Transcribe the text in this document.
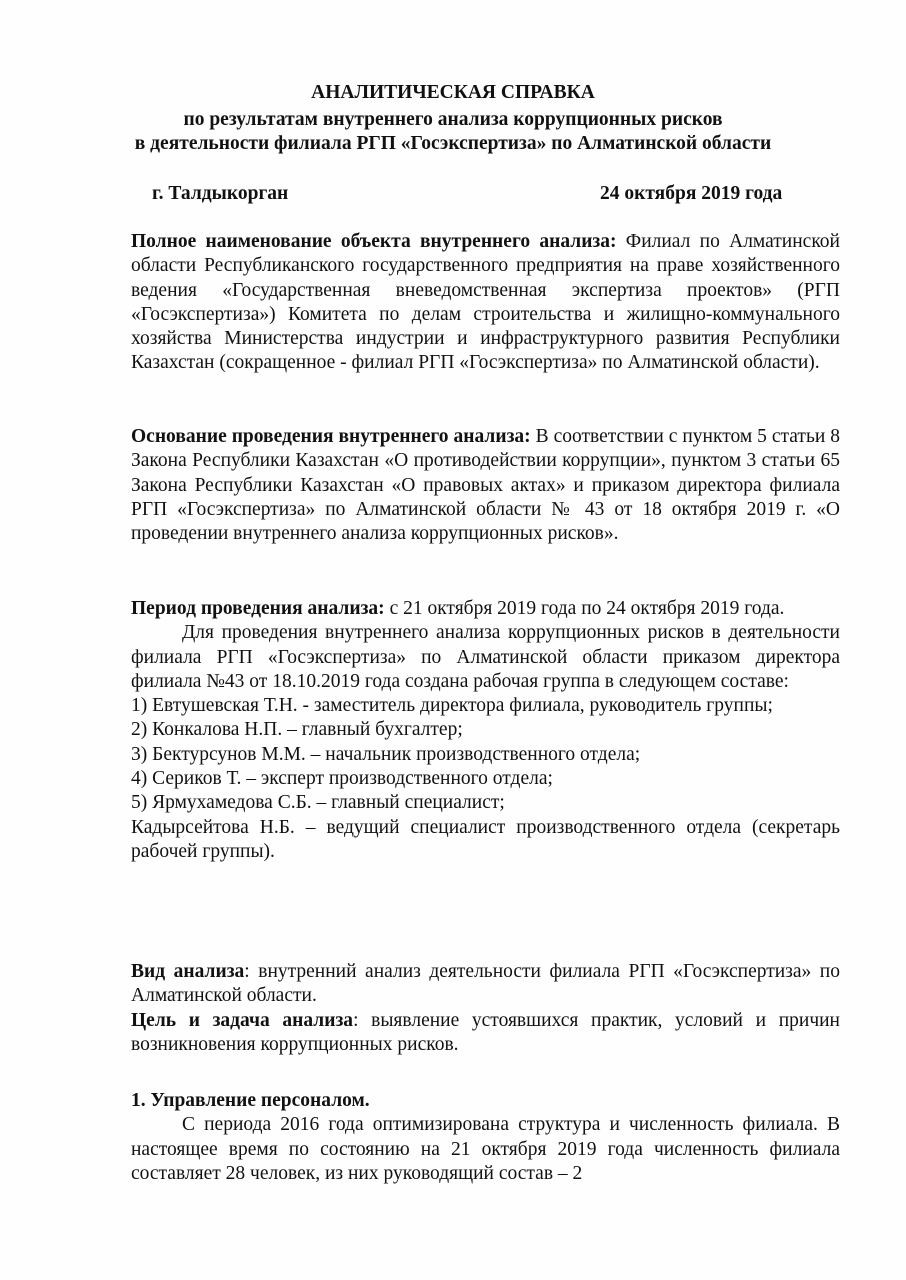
АНАЛИТИЧЕСКАЯ СПРАВКА
по результатам внутреннего анализа коррупционных рисков
в деятельности филиала РГП «Госэкспертиза» по Алматинской области
г. Талдыкорган	24 октября 2019 года
Полное наименование объекта внутреннего анализа: Филиал по Алматинской области Республиканского государственного предприятия на праве хозяйственного ведения «Государственная вневедомственная экспертиза проектов» (РГП «Госэкспертиза») Комитета по делам строительства и жилищно-коммунального хозяйства Министерства индустрии и инфраструктурного развития Республики Казахстан (сокращенное - филиал РГП «Госэкспертиза» по Алматинской области).
Основание проведения внутреннего анализа: В соответствии с пунктом 5 статьи 8 Закона Республики Казахстан «О противодействии коррупции», пунктом 3 статьи 65 Закона Республики Казахстан «О правовых актах» и приказом директора филиала РГП «Госэкспертиза» по Алматинской области № 43 от 18 октября 2019 г. «О проведении внутреннего анализа коррупционных рисков».

Период проведения анализа: с 21 октября 2019 года по 24 октября 2019 года.

Для проведения внутреннего анализа коррупционных рисков в деятельности филиала РГП «Госэкспертиза» по Алматинской области приказом директора филиала №43 от 18.10.2019 года создана рабочая группа в следующем составе:

1) Евтушевская Т.Н. - заместитель директора филиала, руководитель группы;

2) Конкалова Н.П. – главный бухгалтер;

3) Бектурсунов М.М. – начальник производственного отдела;

4) Сериков Т. – эксперт производственного отдела;

5) Ярмухамедова С.Б. – главный специалист;

Кадырсейтова Н.Б. – ведущий специалист производственного отдела (секретарь рабочей группы).

Вид анализа: внутренний анализ деятельности филиала РГП «Госэкспертиза» по Алматинской области.

Цель и задача анализа: выявление устоявшихся практик, условий и причин возникновения коррупционных рисков.

1. Управление персоналом.

С периода 2016 года оптимизирована структура и численность филиала. В настоящее время по состоянию на 21 октября 2019 года численность филиала составляет 28 человек, из них руководящий состав – 2
